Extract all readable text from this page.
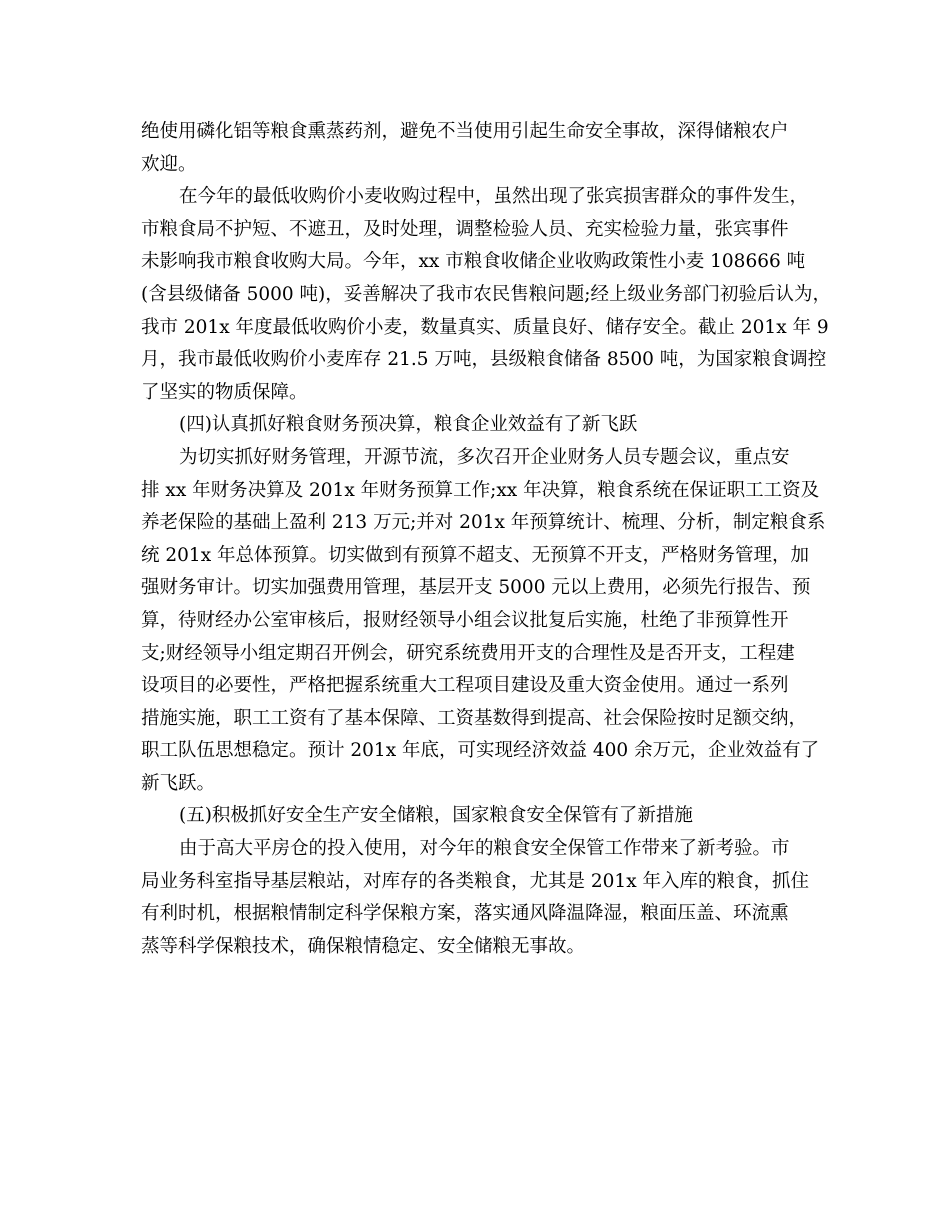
绝使用磷化铝等粮食熏蒸药剂，避免不当使用引起生命安全事故，深得储粮农户

欢迎。

在今年的最低收购价小麦收购过程中，虽然出现了张宾损害群众的事件发生，

市粮食局不护短、不遮丑，及时处理，调整检验人员、充实检验力量，张宾事件

未影响我市粮食收购大局。今年，xx 市粮食收储企业收购政策性小麦 108666 吨

(含县级储备 5000 吨)，妥善解决了我市农民售粮问题;经上级业务部门初验后认为，

我市 201x 年度最低收购价小麦，数量真实、质量良好、储存安全。截止 201x 年 9

月，我市最低收购价小麦库存 21.5 万吨，县级粮食储备 8500 吨，为国家粮食调控

了坚实的物质保障。

(四)认真抓好粮食财务预决算，粮食企业效益有了新飞跃

为切实抓好财务管理，开源节流，多次召开企业财务人员专题会议，重点安

排 xx 年财务决算及 201x 年财务预算工作;xx 年决算，粮食系统在保证职工工资及

养老保险的基础上盈利 213 万元;并对 201x 年预算统计、梳理、分析，制定粮食系

统 201x 年总体预算。切实做到有预算不超支、无预算不开支，严格财务管理，加

强财务审计。切实加强费用管理，基层开支 5000 元以上费用，必须先行报告、预

算，待财经办公室审核后，报财经领导小组会议批复后实施，杜绝了非预算性开

支;财经领导小组定期召开例会，研究系统费用开支的合理性及是否开支，工程建

设项目的必要性，严格把握系统重大工程项目建设及重大资金使用。通过一系列

措施实施，职工工资有了基本保障、工资基数得到提高、社会保险按时足额交纳，

职工队伍思想稳定。预计 201x 年底，可实现经济效益 400 余万元，企业效益有了

新飞跃。

(五)积极抓好安全生产安全储粮，国家粮食安全保管有了新措施

由于高大平房仓的投入使用，对今年的粮食安全保管工作带来了新考验。市

局业务科室指导基层粮站，对库存的各类粮食，尤其是 201x 年入库的粮食，抓住

有利时机，根据粮情制定科学保粮方案，落实通风降温降湿，粮面压盖、环流熏

蒸等科学保粮技术，确保粮情稳定、安全储粮无事故。
